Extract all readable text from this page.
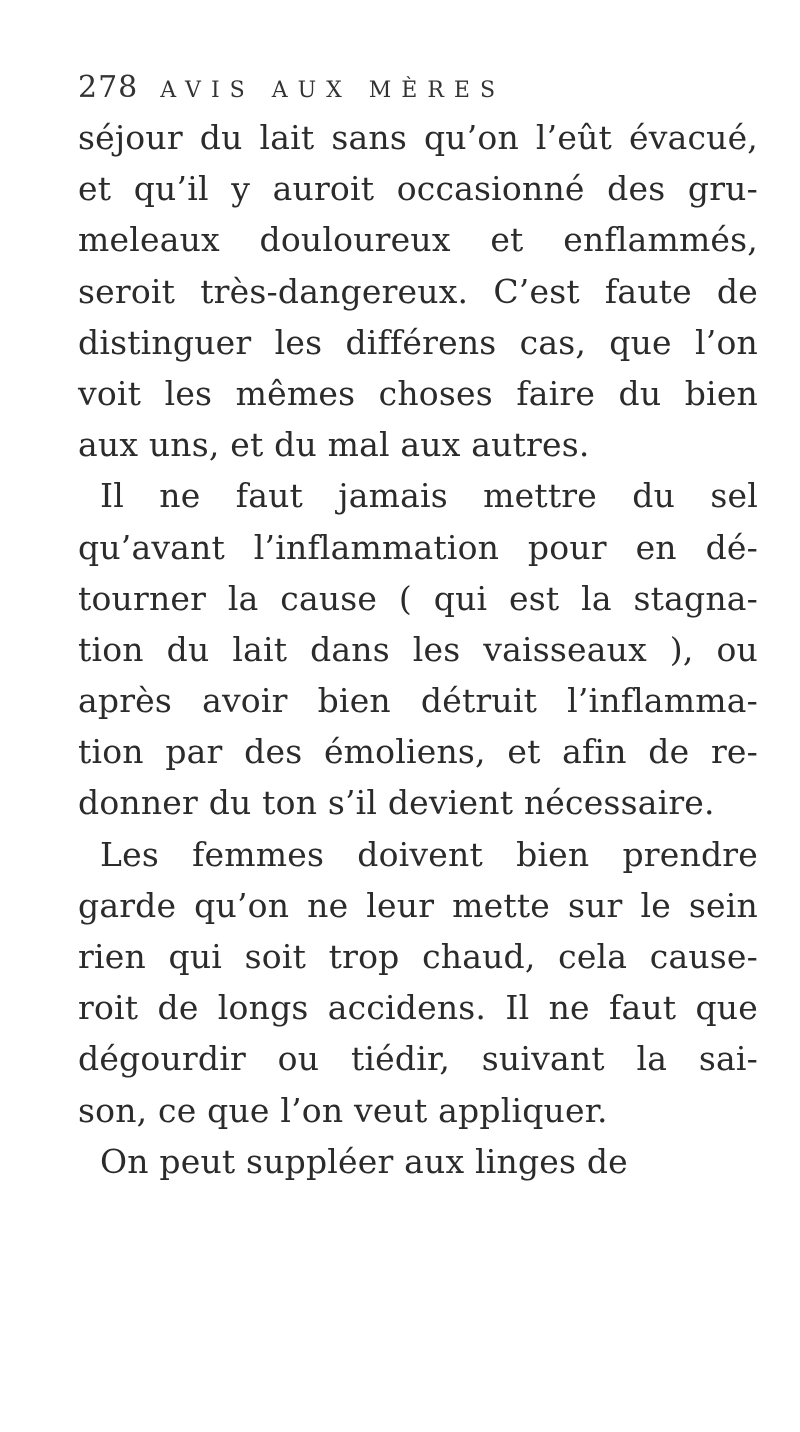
278 AVIS AUX MÈRES
séjour du lait sans qu’on l’eût évacué,
et qu’il y auroit occasionné des gru-
meleaux douloureux et enflammés,
seroit très-dangereux. C’est faute de
distinguer les différens cas, que l’on
voit les mêmes choses faire du bien
aux uns, et du mal aux autres.
Il ne faut jamais mettre du sel
qu’avant l’inflammation pour en dé-
tourner la cause ( qui est la stagna-
tion du lait dans les vaisseaux ), ou
après avoir bien détruit l’inflamma-
tion par des émoliens, et afin de re-
donner du ton s’il devient nécessaire.
Les femmes doivent bien prendre
garde qu’on ne leur mette sur le sein
rien qui soit trop chaud, cela cause-
roit de longs accidens. Il ne faut que
dégourdir ou tiédir, suivant la sai-
son, ce que l’on veut appliquer.
On peut suppléer aux linges de
